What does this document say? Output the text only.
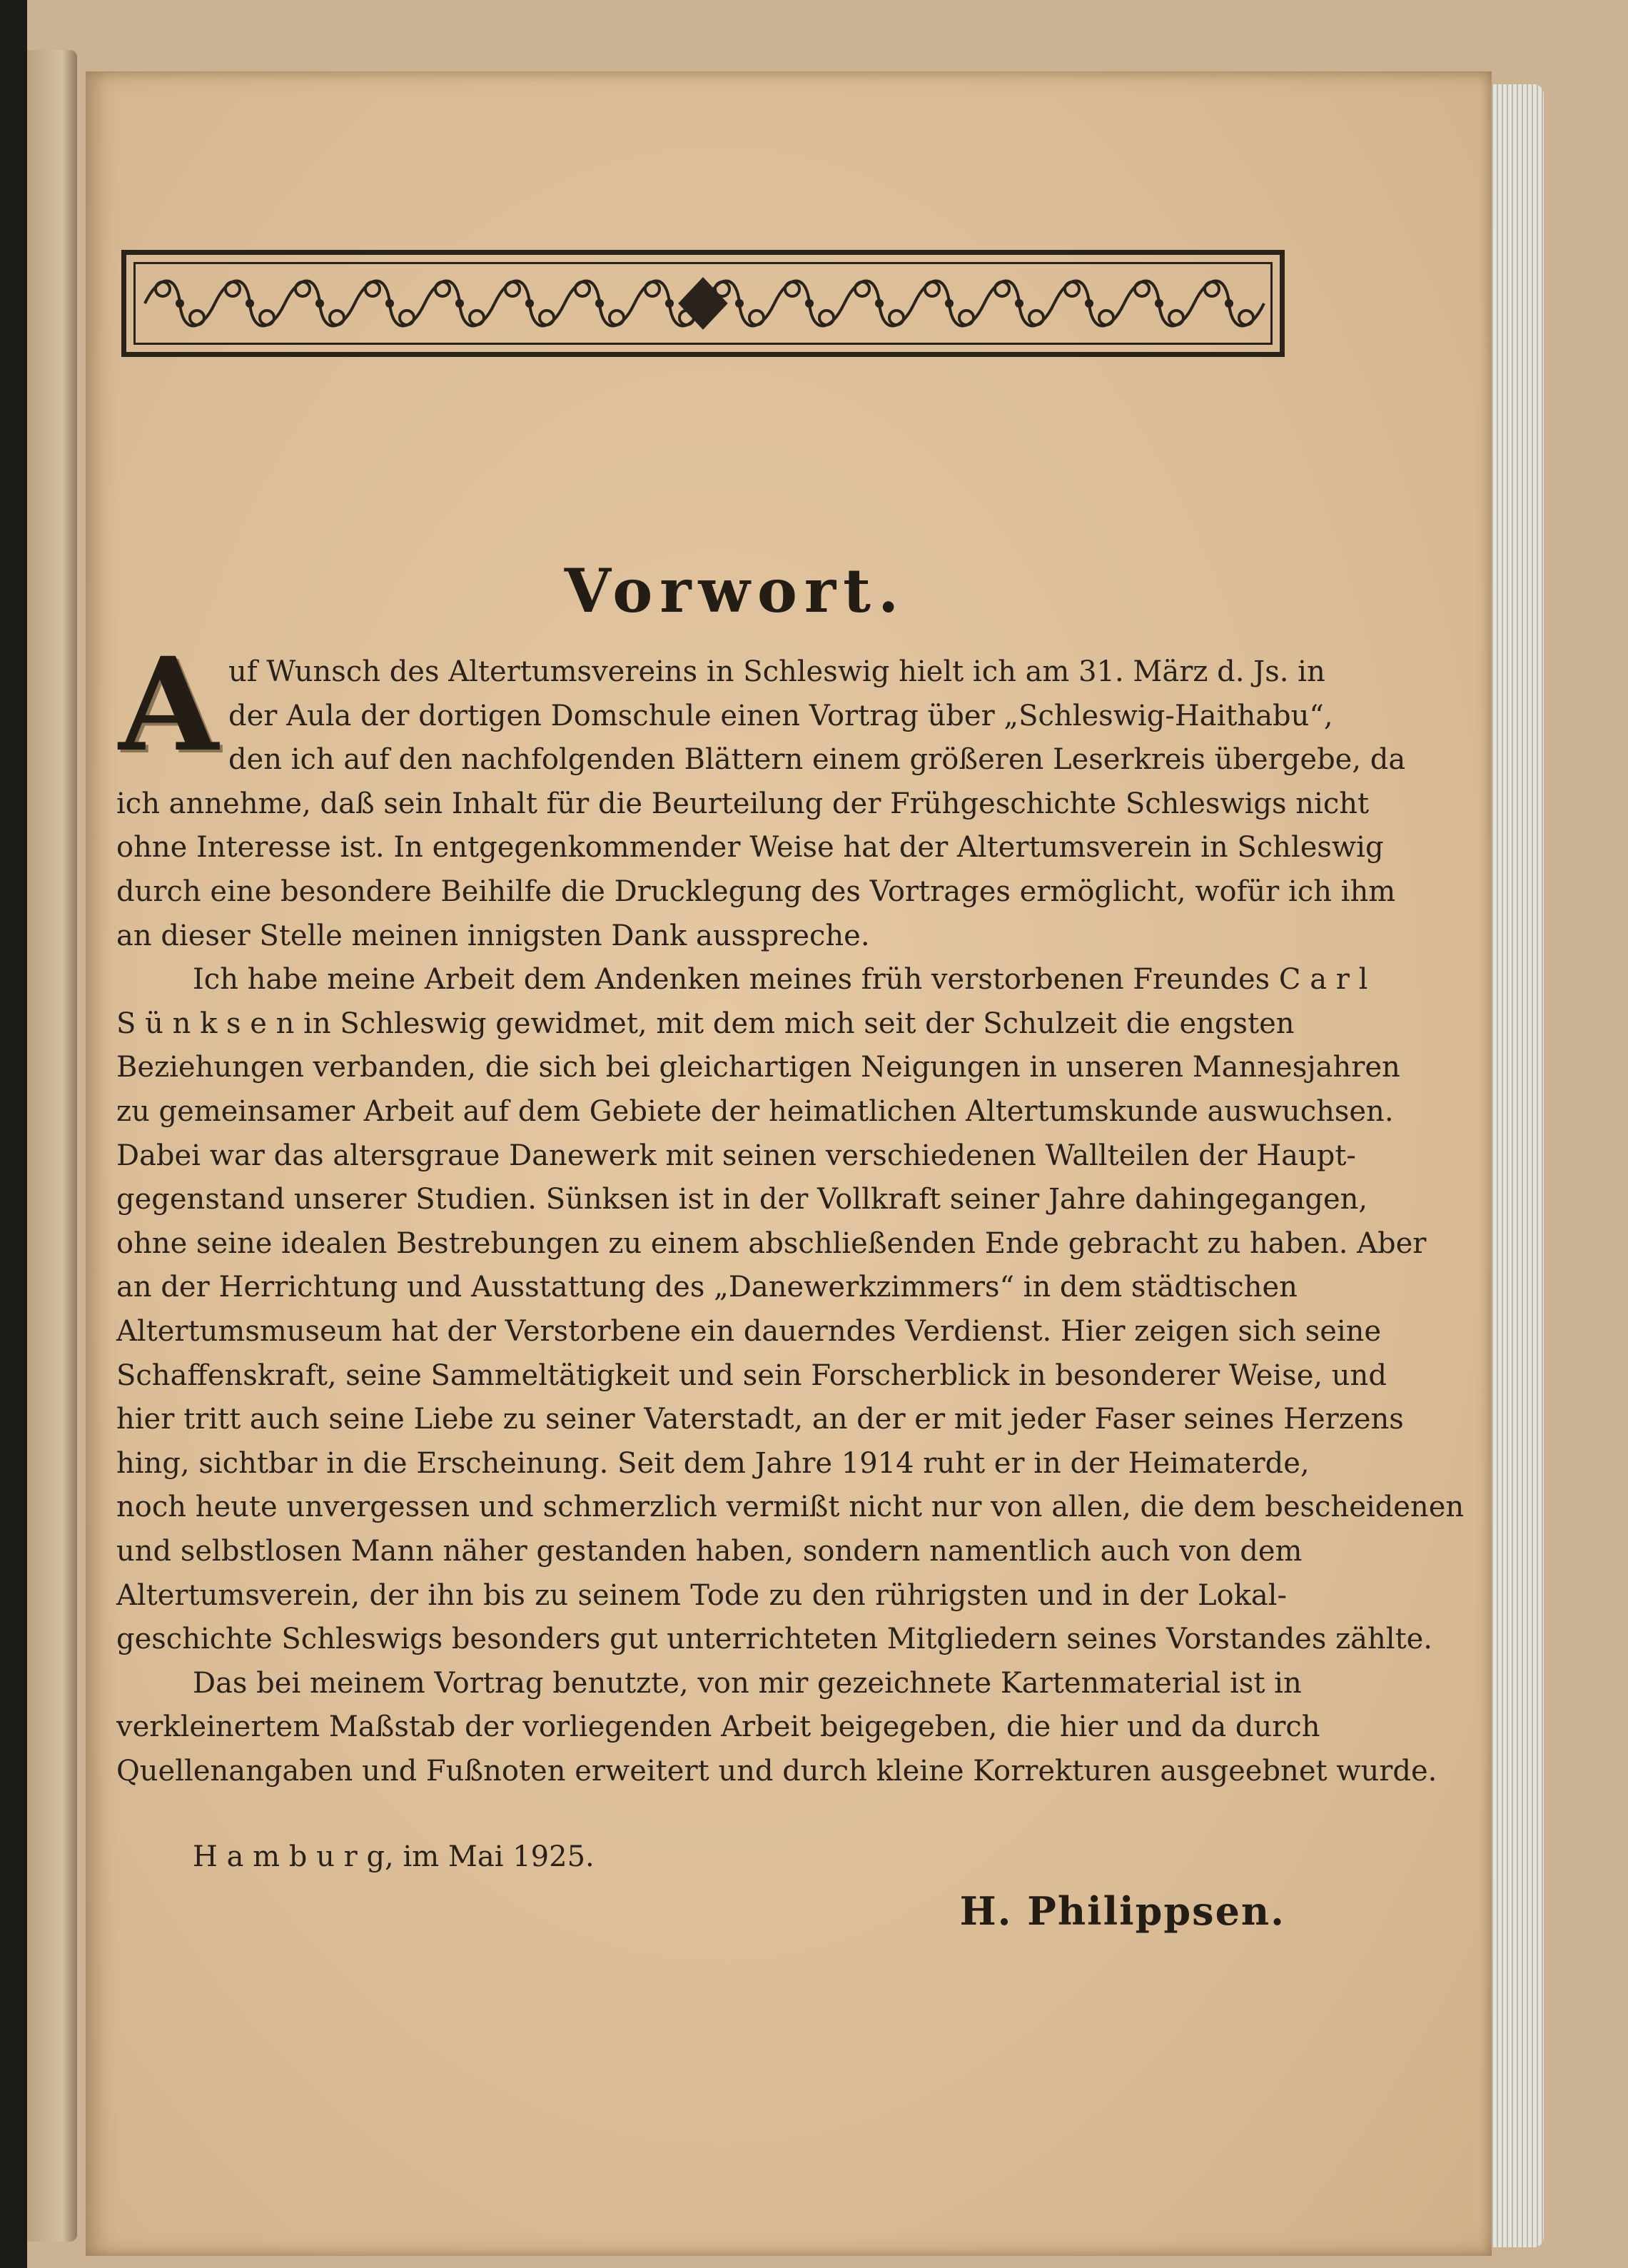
Vorwort.
A uf Wunsch des Altertumsvereins in Schleswig hielt ich am 31. März d. Js. in
der Aula der dortigen Domschule einen Vortrag über „Schleswig-Haithabu“,
den ich auf den nachfolgenden Blättern einem größeren Leserkreis übergebe, da
ich annehme, daß sein Inhalt für die Beurteilung der Frühgeschichte Schleswigs nicht
ohne Interesse ist. In entgegenkommender Weise hat der Altertumsverein in Schleswig
durch eine besondere Beihilfe die Drucklegung des Vortrages ermöglicht, wofür ich ihm
an dieser Stelle meinen innigsten Dank ausspreche.
Ich habe meine Arbeit dem Andenken meines früh verstorbenen Freundes C a r l
S ü n k s e n in Schleswig gewidmet, mit dem mich seit der Schulzeit die engsten
Beziehungen verbanden, die sich bei gleichartigen Neigungen in unseren Mannesjahren
zu gemeinsamer Arbeit auf dem Gebiete der heimatlichen Altertumskunde auswuchsen.
Dabei war das altersgraue Danewerk mit seinen verschiedenen Wallteilen der Haupt-
gegenstand unserer Studien. Sünksen ist in der Vollkraft seiner Jahre dahingegangen,
ohne seine idealen Bestrebungen zu einem abschließenden Ende gebracht zu haben. Aber
an der Herrichtung und Ausstattung des „Danewerkzimmers“ in dem städtischen
Altertumsmuseum hat der Verstorbene ein dauerndes Verdienst. Hier zeigen sich seine
Schaffenskraft, seine Sammeltätigkeit und sein Forscherblick in besonderer Weise, und
hier tritt auch seine Liebe zu seiner Vaterstadt, an der er mit jeder Faser seines Herzens
hing, sichtbar in die Erscheinung. Seit dem Jahre 1914 ruht er in der Heimaterde,
noch heute unvergessen und schmerzlich vermißt nicht nur von allen, die dem bescheidenen
und selbstlosen Mann näher gestanden haben, sondern namentlich auch von dem
Altertumsverein, der ihn bis zu seinem Tode zu den rührigsten und in der Lokal-
geschichte Schleswigs besonders gut unterrichteten Mitgliedern seines Vorstandes zählte.
Das bei meinem Vortrag benutzte, von mir gezeichnete Kartenmaterial ist in
verkleinertem Maßstab der vorliegenden Arbeit beigegeben, die hier und da durch
Quellenangaben und Fußnoten erweitert und durch kleine Korrekturen ausgeebnet wurde.
H a m b u r g, im Mai 1925.
H. Philippsen.
